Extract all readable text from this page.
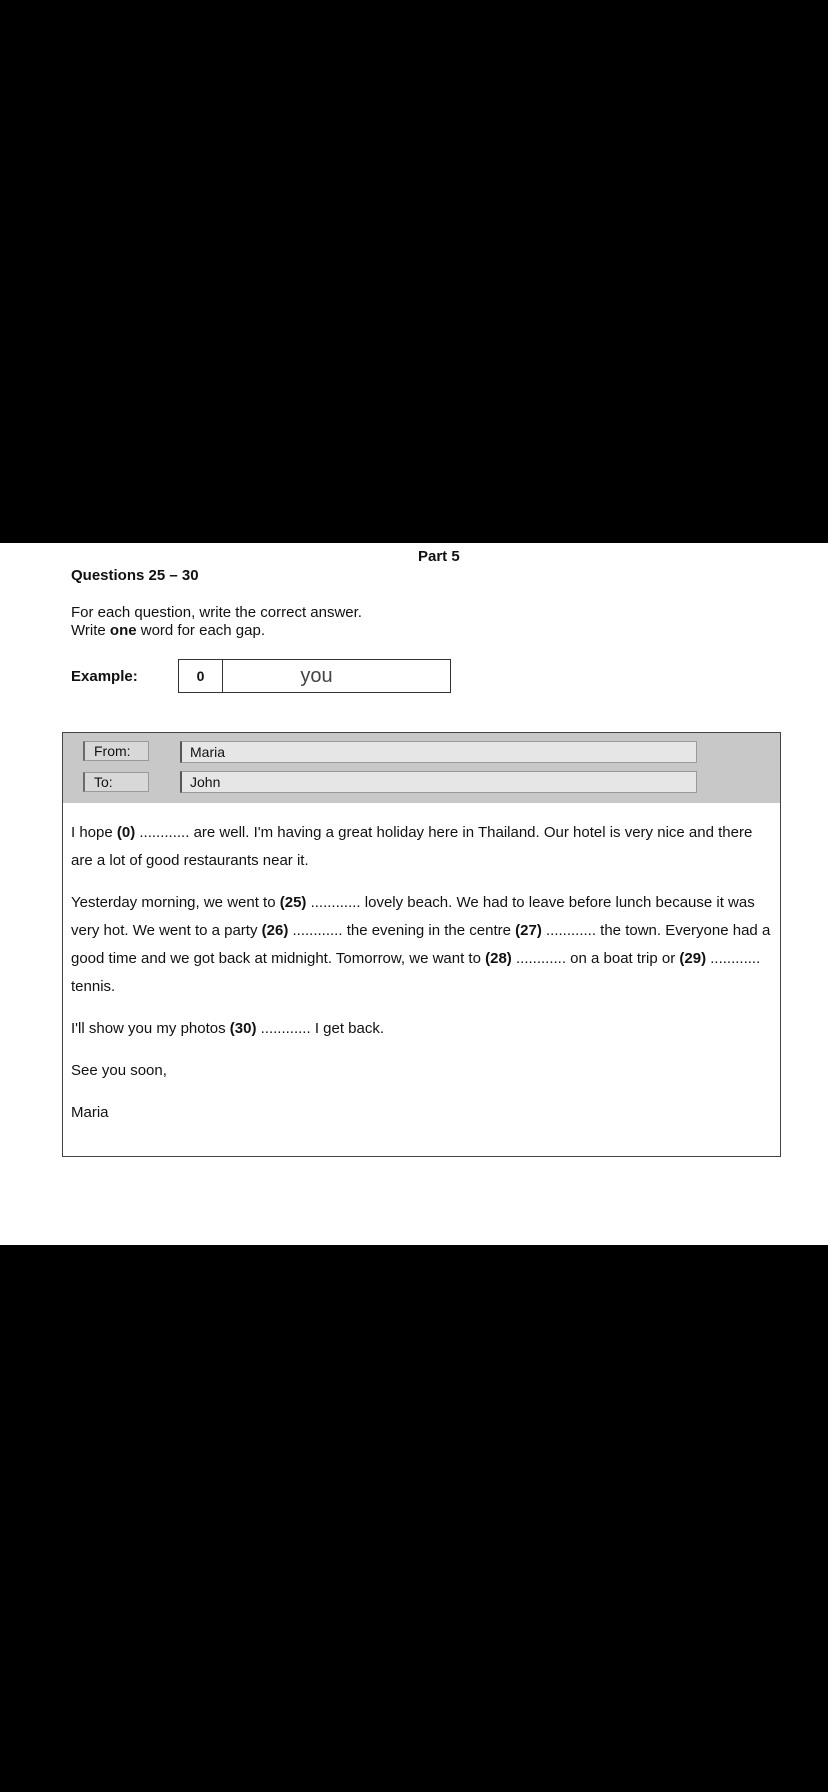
Part 5
Questions 25 – 30
For each question, write the correct answer.
Write one word for each gap.
Example:	0	you
From:	Maria
To:	John

I hope (0) ............ are well. I'm having a great holiday here in Thailand. Our hotel is very nice and there are a lot of good restaurants near it.

Yesterday morning, we went to (25) ............ lovely beach. We had to leave before lunch because it was very hot. We went to a party (26) ............ the evening in the centre (27) ............ the town. Everyone had a good time and we got back at midnight. Tomorrow, we want to (28) ............ on a boat trip or (29) ............ tennis.

I'll show you my photos (30) ............ I get back.

See you soon,

Maria
